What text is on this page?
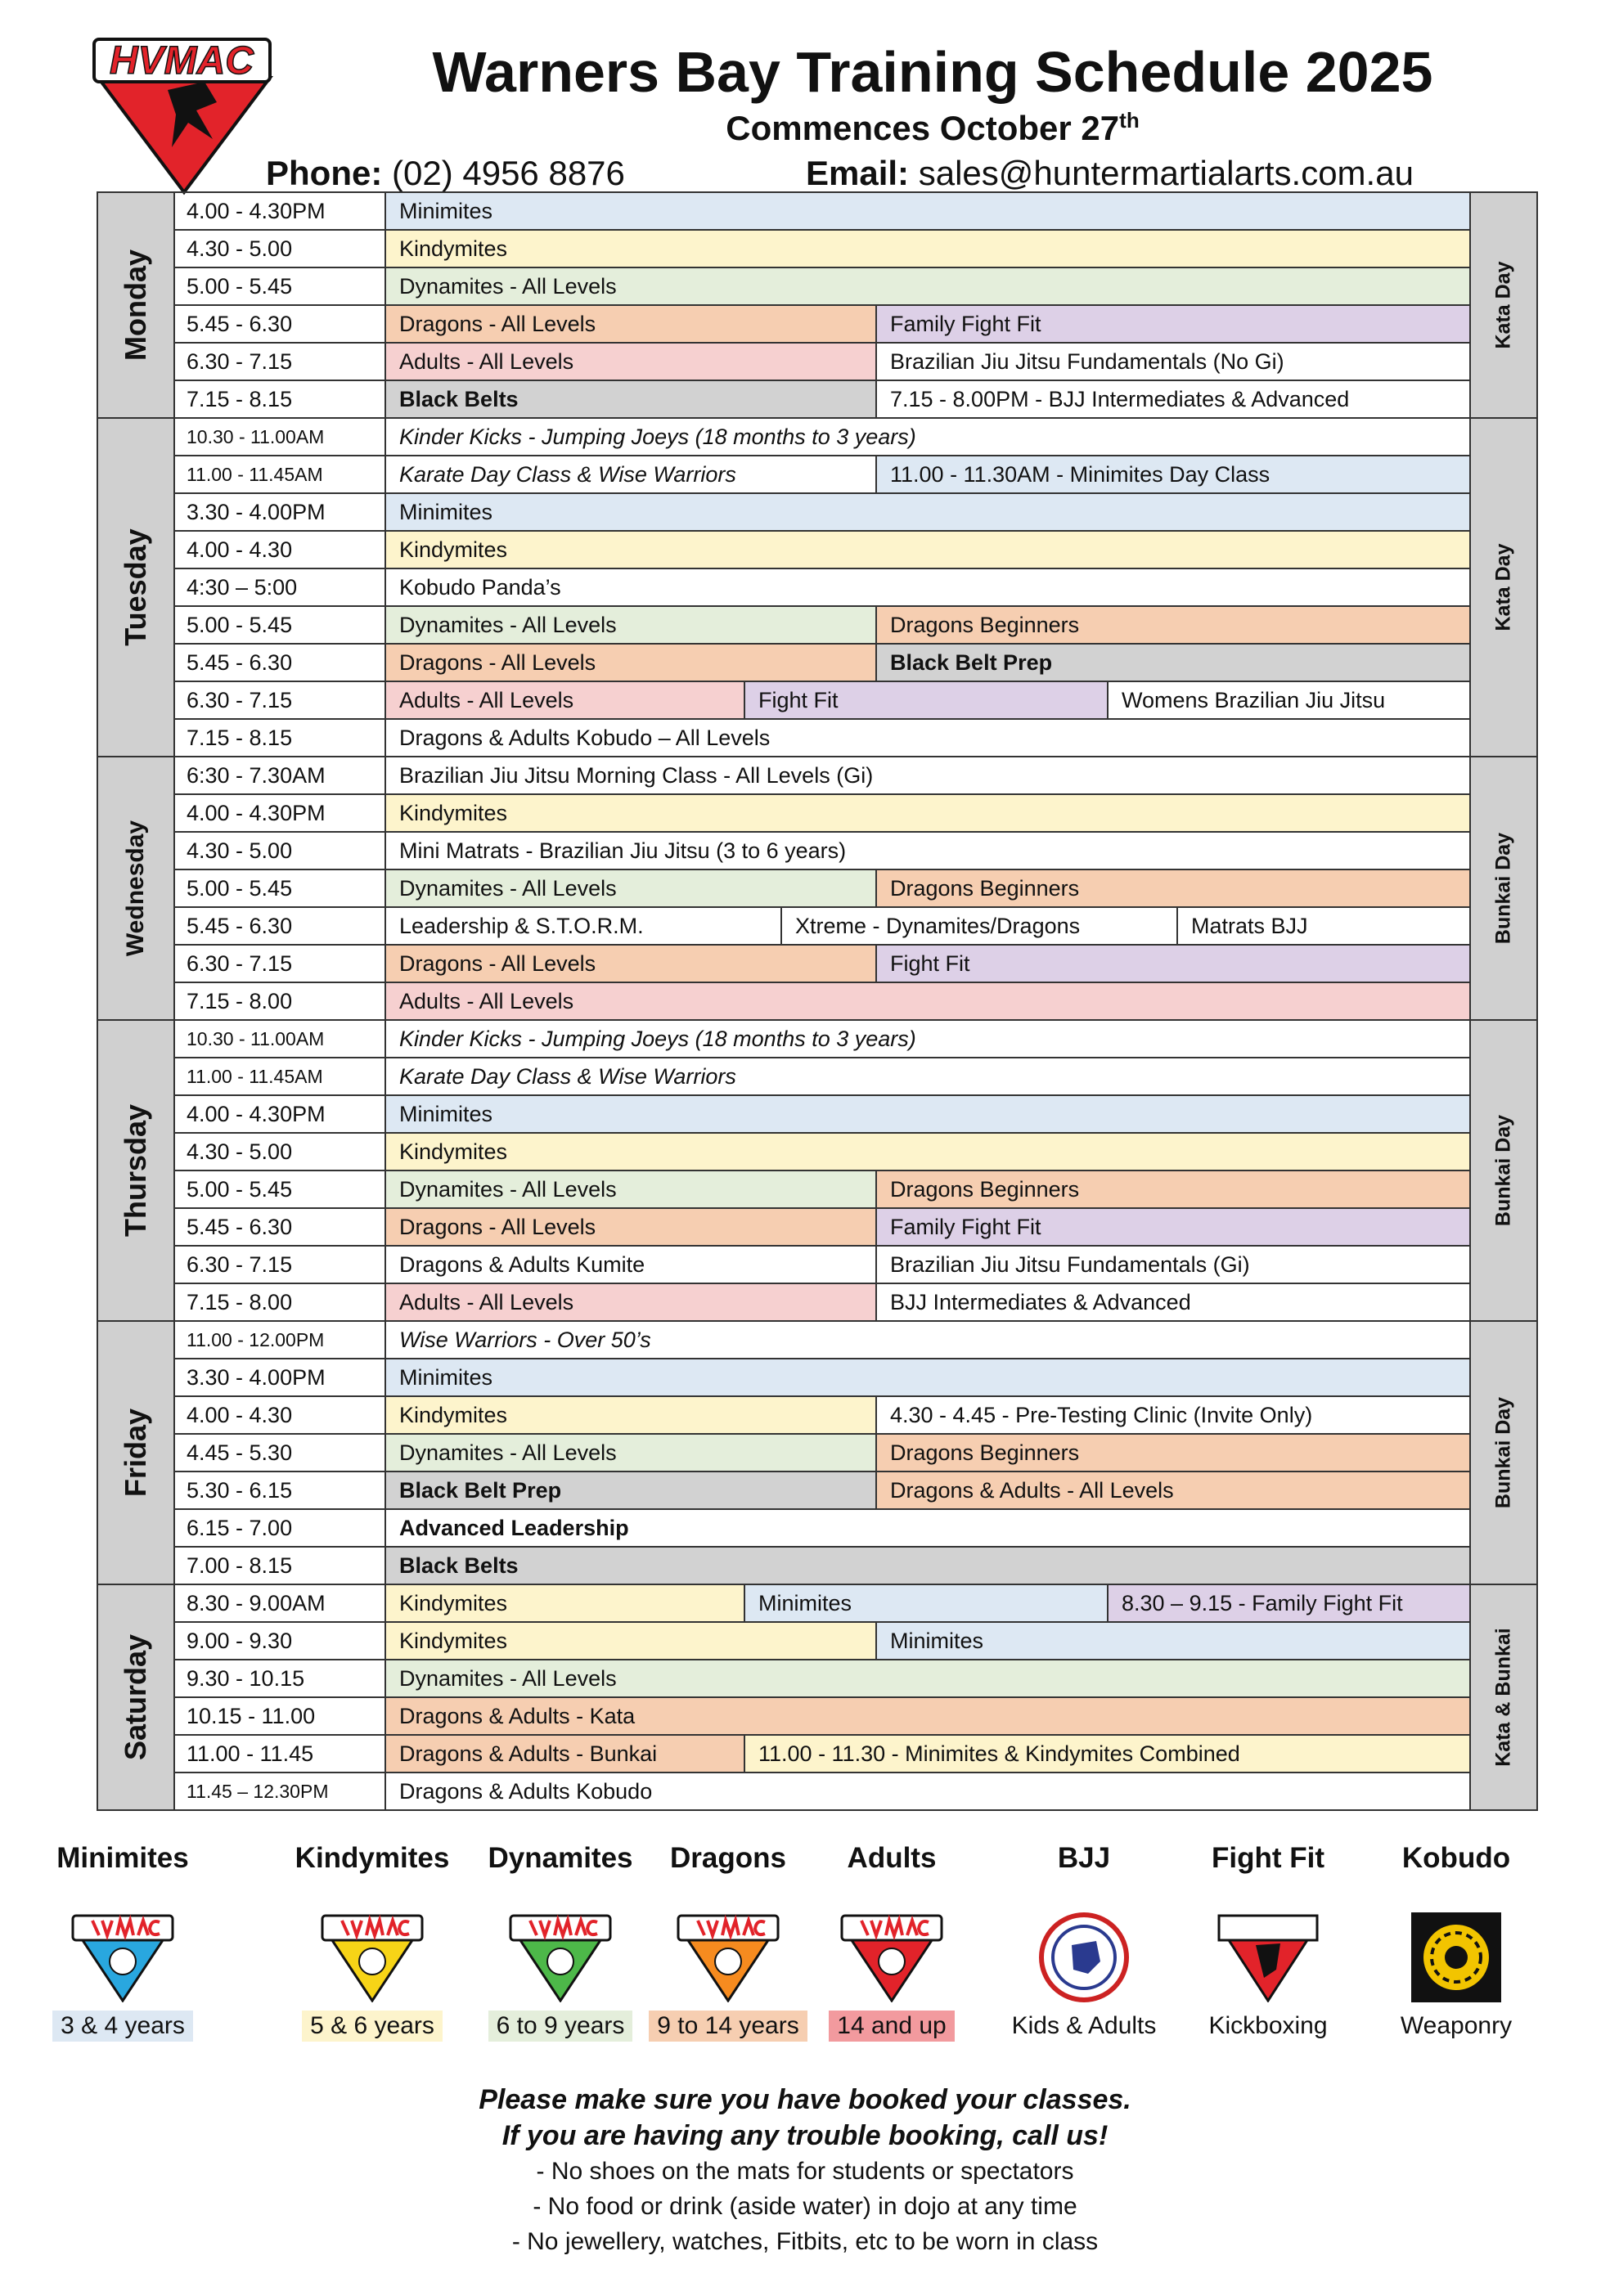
HVMAC	Warners Bay Training Schedule 2025
Commences October 27th
Phone: (02) 4956 8876	Email: sales@huntermartialarts.com.au
Monday
4.00 - 4.30PM	Minimites
4.30 - 5.00	Kindymites
5.00 - 5.45	Dynamites - All Levels
5.45 - 6.30	Dragons - All Levels	Family Fight Fit
6.30 - 7.15	Adults - All Levels	Brazilian Jiu Jitsu Fundamentals (No Gi)
7.15 - 8.15	Black Belts	7.15 - 8.00PM - BJJ Intermediates & Advanced
Kata Day
Tuesday
10.30 - 11.00AM	Kinder Kicks - Jumping Joeys (18 months to 3 years)
11.00 - 11.45AM	Karate Day Class & Wise Warriors	11.00 - 11.30AM - Minimites Day Class
3.30 - 4.00PM	Minimites
4.00 - 4.30	Kindymites
4:30 – 5:00	Kobudo Panda’s
5.00 - 5.45	Dynamites - All Levels	Dragons Beginners
5.45 - 6.30	Dragons - All Levels	Black Belt Prep
6.30 - 7.15	Adults - All Levels	Fight Fit	Womens Brazilian Jiu Jitsu
7.15 - 8.15	Dragons & Adults Kobudo – All Levels
Kata Day
Wednesday
6:30 - 7.30AM	Brazilian Jiu Jitsu Morning Class - All Levels (Gi)
4.00 - 4.30PM	Kindymites
4.30 - 5.00	Mini Matrats - Brazilian Jiu Jitsu (3 to 6 years)
5.00 - 5.45	Dynamites - All Levels	Dragons Beginners
5.45 - 6.30	Leadership & S.T.O.R.M.	Xtreme - Dynamites/Dragons	Matrats BJJ
6.30 - 7.15	Dragons - All Levels	Fight Fit
7.15 - 8.00	Adults - All Levels
Bunkai Day
Thursday
10.30 - 11.00AM	Kinder Kicks - Jumping Joeys (18 months to 3 years)
11.00 - 11.45AM	Karate Day Class & Wise Warriors
4.00 - 4.30PM	Minimites
4.30 - 5.00	Kindymites
5.00 - 5.45	Dynamites - All Levels	Dragons Beginners
5.45 - 6.30	Dragons - All Levels	Family Fight Fit
6.30 - 7.15	Dragons & Adults Kumite	Brazilian Jiu Jitsu Fundamentals (Gi)
7.15 - 8.00	Adults - All Levels	BJJ Intermediates & Advanced
Bunkai Day
Friday
11.00 - 12.00PM	Wise Warriors - Over 50’s
3.30 - 4.00PM	Minimites
4.00 - 4.30	Kindymites	4.30 - 4.45 - Pre-Testing Clinic (Invite Only)
4.45 - 5.30	Dynamites - All Levels	Dragons Beginners
5.30 - 6.15	Black Belt Prep	Dragons & Adults - All Levels
6.15 - 7.00	Advanced Leadership
7.00 - 8.15	Black Belts
Bunkai Day
Saturday
8.30 - 9.00AM	Kindymites	Minimites	8.30 – 9.15 - Family Fight Fit
9.00 - 9.30	Kindymites	Minimites
9.30 - 10.15	Dynamites - All Levels
10.15 - 11.00	Dragons & Adults - Kata
11.00 - 11.45	Dragons & Adults - Bunkai	11.00 - 11.30 - Minimites & Kindymites Combined
11.45 – 12.30PM	Dragons & Adults Kobudo
Kata & Bunkai
Minimites
3 & 4 years
Kindymites
5 & 6 years
Dynamites
6 to 9 years
Dragons
9 to 14 years
Adults
14 and up
BJJ
Kids & Adults
Fight Fit
Kickboxing
Kobudo
Weaponry
Please make sure you have booked your classes.
If you are having any trouble booking, call us!
- No shoes on the mats for students or spectators
- No food or drink (aside water) in dojo at any time
- No jewellery, watches, Fitbits, etc to be worn in class
